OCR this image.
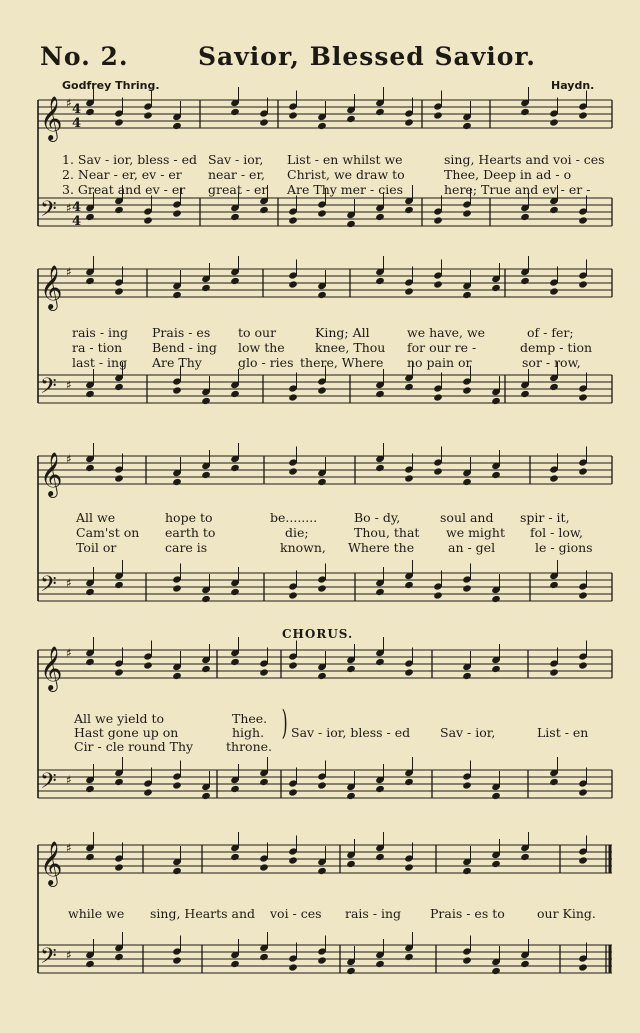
𝄞 ♯
𝄢 ♯
4
4
4
4
𝄞 ♯
𝄢 ♯
𝄞 ♯
𝄢 ♯
𝄞 ♯
𝄢 ♯
𝄞 ♯
𝄢 ♯
No. 2.	Savior, Blessed Savior.
Godfrey Thring.	Haydn.
CHORUS.
1. Sav - ior, bless - ed Sav - ior, List - en whilst we	sing, Hearts and voi - ces
2. Near - er, ev - er near - er, Christ, we draw to	Thee, Deep in ad - o
3. Great and ev - er great - er Are Thy mer - cies	here; True and ev - er -
rais - ing Prais - es to our	King; All	we have, we	of - fer;
ra - tion Bend - ing low the knee, Thou for our re -	demp - tion
last - ing Are Thy	glo - ries there, Where no pain or	sor - row,
All we	hope to	be........	Bo - dy,	soul and spir - it,
Cam'st on earth to	die;	Thou, that we might fol - low,
Toil or	care is	known, Where the	an - gel	le - gions
All we yield to	Thee.
Hast gone up on	high.
Cir - cle round Thy	throne.
) Sav - ior, bless - ed Sav - ior,	List - en
while we sing, Hearts and voi - ces rais - ing Prais - es to	our King.
